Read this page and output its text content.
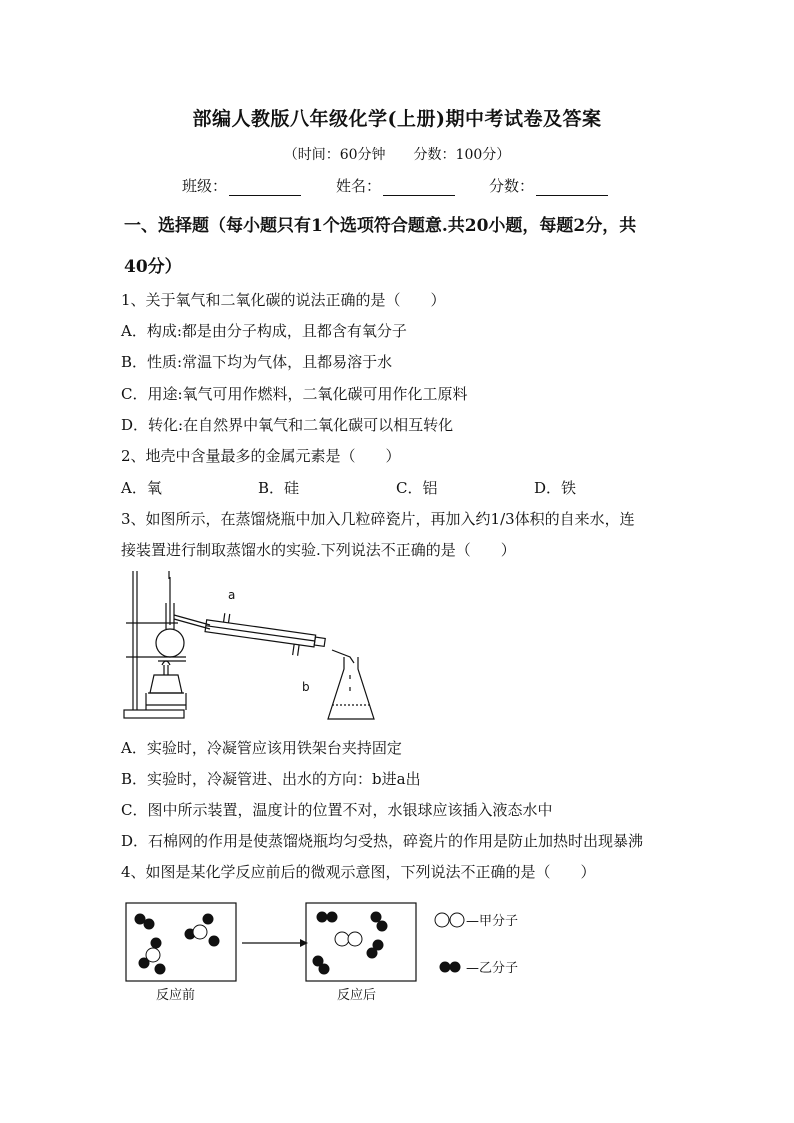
部编人教版八年级化学(上册)期中考试卷及答案
（时间：60分钟　　分数：100分）
班级：	姓名：	分数：
一、选择题（每小题只有1个选项符合题意.共20小题，每题2分，共
40分）
1、关于氧气和二氧化碳的说法正确的是（　　）
A．构成:都是由分子构成，且都含有氧分子
B．性质:常温下均为气体，且都易溶于水
C．用途:氧气可用作燃料，二氧化碳可用作化工原料
D．转化:在自然界中氧气和二氧化碳可以相互转化
2、地壳中含量最多的金属元素是（　　）
A．氧	B．硅	C．铝	D．铁
3、如图所示，在蒸馏烧瓶中加入几粒碎瓷片，再加入约1/3体积的自来水，连
接装置进行制取蒸馏水的实验.下列说法不正确的是（　　）
a
b
A．实验时，冷凝管应该用铁架台夹持固定
B．实验时，冷凝管进、出水的方向：b进a出
C．图中所示装置，温度计的位置不对，水银球应该插入液态水中
D．石棉网的作用是使蒸馏烧瓶均匀受热，碎瓷片的作用是防止加热时出现暴沸
4、如图是某化学反应前后的微观示意图，下列说法不正确的是（　　）
—甲分子
—乙分子
反应前	反应后
